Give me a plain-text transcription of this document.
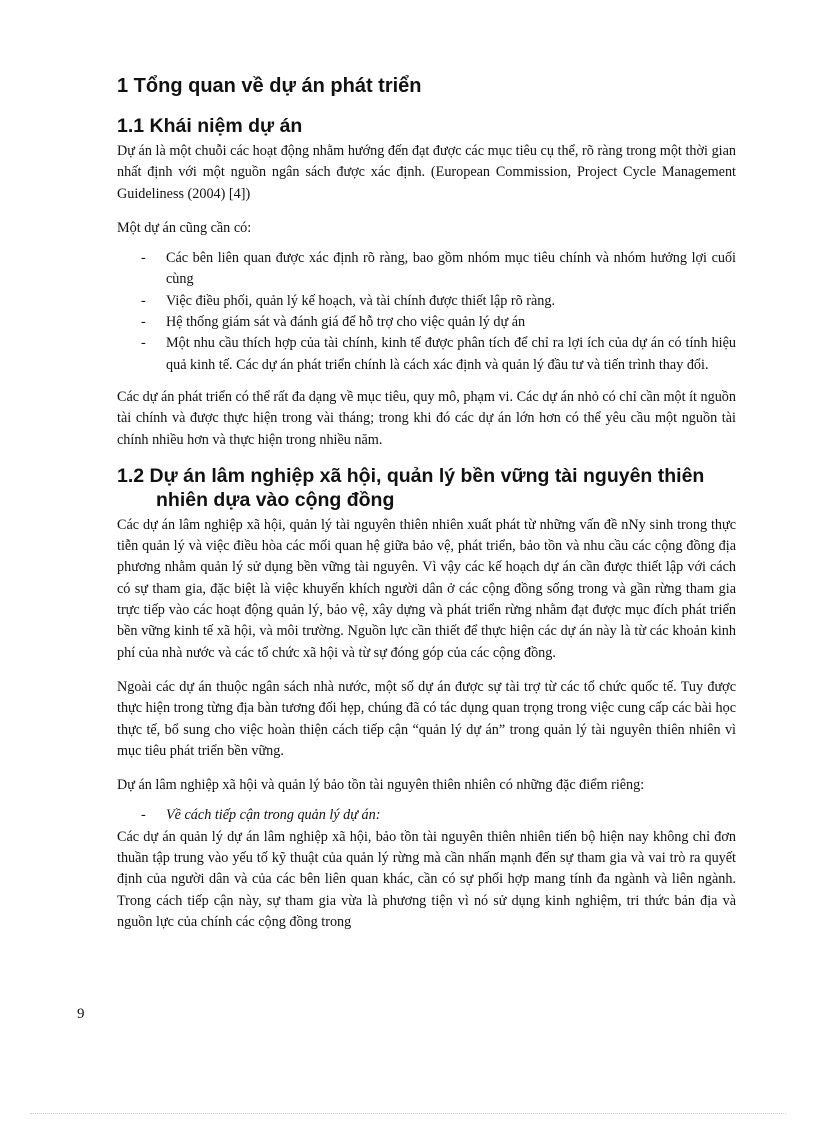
1 Tổng quan về dự án phát triển
1.1 Khái niệm dự án

Dự án là một chuỗi các hoạt động nhằm hướng đến đạt được các mục tiêu cụ thể, rõ ràng trong một thời gian nhất định với một nguồn ngân sách được xác định. (European Commission, Project Cycle Management Guideliness (2004) [4])

Một dự án cũng cần có:

- Các bên liên quan được xác định rõ ràng, bao gồm nhóm mục tiêu chính và nhóm hưởng lợi cuối cùng
- Việc điều phối, quản lý kế hoạch, và tài chính được thiết lập rõ ràng.
- Hệ thống giám sát và đánh giá để hỗ trợ cho việc quản lý dự án
- Một nhu cầu thích hợp của tài chính, kinh tế được phân tích để chỉ ra lợi ích của dự án có tính hiệu quả kinh tế. Các dự án phát triển chính là cách xác định và quản lý đầu tư và tiến trình thay đổi.

Các dự án phát triển có thể rất đa dạng về mục tiêu, quy mô, phạm vi. Các dự án nhỏ có chỉ cần một ít nguồn tài chính và được thực hiện trong vài tháng; trong khi đó các dự án lớn hơn có thể yêu cầu một nguồn tài chính nhiều hơn và thực hiện trong nhiều năm.

1.2 Dự án lâm nghiệp xã hội, quản lý bền vững tài nguyên thiên nhiên dựa vào cộng đồng

Các dự án lâm nghiệp xã hội, quản lý tài nguyên thiên nhiên xuất phát từ những vấn đề nNy sinh trong thực tiễn quản lý và việc điều hòa các mối quan hệ giữa bảo vệ, phát triển, bảo tồn và nhu cầu các cộng đồng địa phương nhằm quản lý sử dụng bền vững tài nguyên. Vì vậy các kế hoạch dự án cần được thiết lập với cách có sự tham gia, đặc biệt là việc khuyến khích người dân ở các cộng đồng sống trong và gần rừng tham gia trực tiếp vào các hoạt động quản lý, bảo vệ, xây dựng và phát triển rừng nhằm đạt được mục đích phát triển bền vững kinh tế xã hội, và môi trường. Nguồn lực cần thiết để thực hiện các dự án này là từ các khoản kinh phí của nhà nước và các tổ chức xã hội và từ sự đóng góp của các cộng đồng.

Ngoài các dự án thuộc ngân sách nhà nước, một số dự án được sự tài trợ từ các tổ chức quốc tế. Tuy được thực hiện trong từng địa bàn tương đối hẹp, chúng đã có tác dụng quan trọng trong việc cung cấp các bài học thực tế, bổ sung cho việc hoàn thiện cách tiếp cận “quản lý dự án” trong quản lý tài nguyên thiên nhiên vì mục tiêu phát triển bền vững.

Dự án lâm nghiệp xã hội và quản lý bảo tồn tài nguyên thiên nhiên có những đặc điểm riêng:

- Về cách tiếp cận trong quản lý dự án:

Các dự án quản lý dự án lâm nghiệp xã hội, bảo tồn tài nguyên thiên nhiên tiến bộ hiện nay không chỉ đơn thuần tập trung vào yếu tố kỹ thuật của quản lý rừng mà cần nhấn mạnh đến sự tham gia và vai trò ra quyết định của người dân và của các bên liên quan khác, cần có sự phối hợp mang tính đa ngành và liên ngành. Trong cách tiếp cận này, sự tham gia vừa là phương tiện vì nó sử dụng kinh nghiệm, tri thức bản địa và nguồn lực của chính các cộng đồng trong

9
